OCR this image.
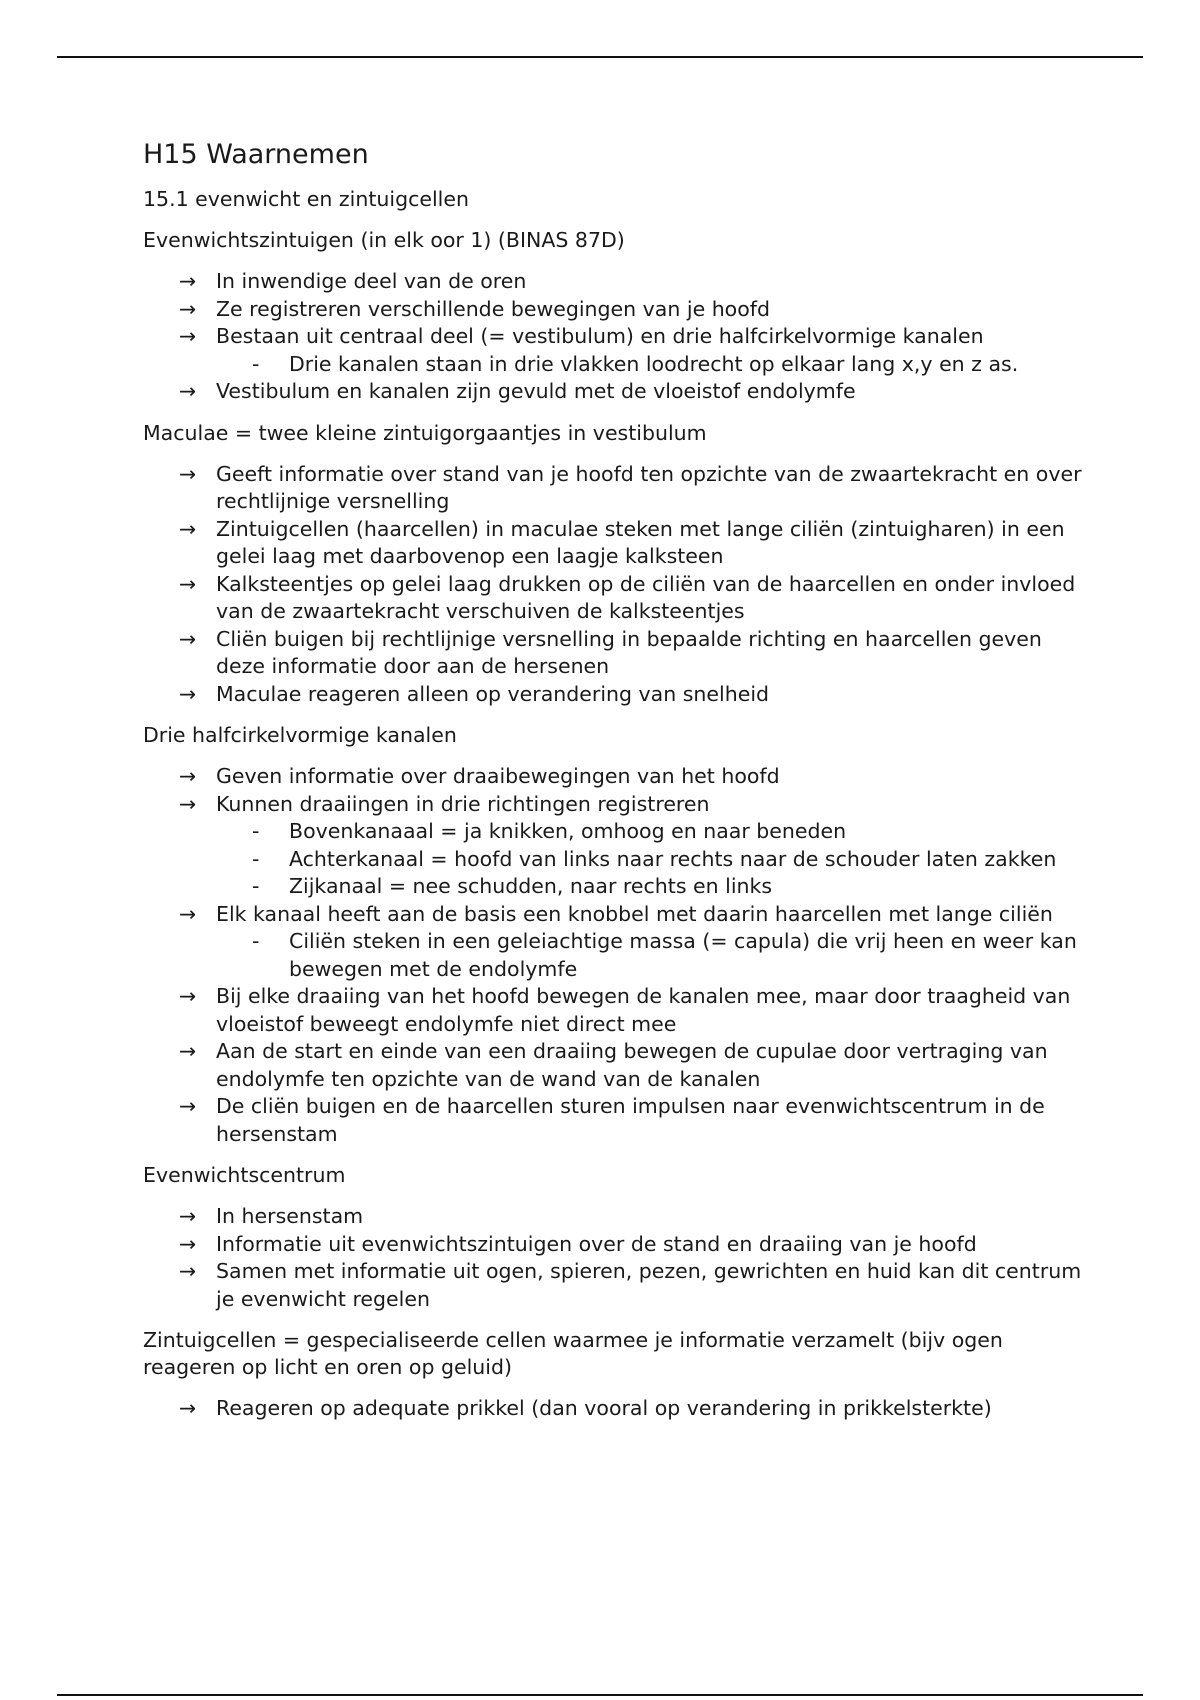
H15 Waarnemen

15.1 evenwicht en zintuigcellen

Evenwichtszintuigen (in elk oor 1) (BINAS 87D)

→ In inwendige deel van de oren
→ Ze registreren verschillende bewegingen van je hoofd
→ Bestaan uit centraal deel (= vestibulum) en drie halfcirkelvormige kanalen
- Drie kanalen staan in drie vlakken loodrecht op elkaar lang x,y en z as.
→ Vestibulum en kanalen zijn gevuld met de vloeistof endolymfe

Maculae = twee kleine zintuigorgaantjes in vestibulum

→ Geeft informatie over stand van je hoofd ten opzichte van de zwaartekracht en over rechtlijnige versnelling
→ Zintuigcellen (haarcellen) in maculae steken met lange ciliën (zintuigharen) in een gelei laag met daarbovenop een laagje kalksteen
→ Kalksteentjes op gelei laag drukken op de ciliën van de haarcellen en onder invloed van de zwaartekracht verschuiven de kalksteentjes
→ Cliën buigen bij rechtlijnige versnelling in bepaalde richting en haarcellen geven deze informatie door aan de hersenen
→ Maculae reageren alleen op verandering van snelheid

Drie halfcirkelvormige kanalen

→ Geven informatie over draaibewegingen van het hoofd
→ Kunnen draaiingen in drie richtingen registreren
- Bovenkanaaal = ja knikken, omhoog en naar beneden
- Achterkanaal = hoofd van links naar rechts naar de schouder laten zakken
- Zijkanaal = nee schudden, naar rechts en links
→ Elk kanaal heeft aan de basis een knobbel met daarin haarcellen met lange ciliën
- Ciliën steken in een geleiachtige massa (= capula) die vrij heen en weer kan bewegen met de endolymfe
→ Bij elke draaiing van het hoofd bewegen de kanalen mee, maar door traagheid van vloeistof beweegt endolymfe niet direct mee
→ Aan de start en einde van een draaiing bewegen de cupulae door vertraging van endolymfe ten opzichte van de wand van de kanalen
→ De cliën buigen en de haarcellen sturen impulsen naar evenwichtscentrum in de hersenstam

Evenwichtscentrum

→ In hersenstam
→ Informatie uit evenwichtszintuigen over de stand en draaiing van je hoofd
→ Samen met informatie uit ogen, spieren, pezen, gewrichten en huid kan dit centrum je evenwicht regelen

Zintuigcellen = gespecialiseerde cellen waarmee je informatie verzamelt (bijv ogen reageren op licht en oren op geluid)

→ Reageren op adequate prikkel (dan vooral op verandering in prikkelsterkte)
